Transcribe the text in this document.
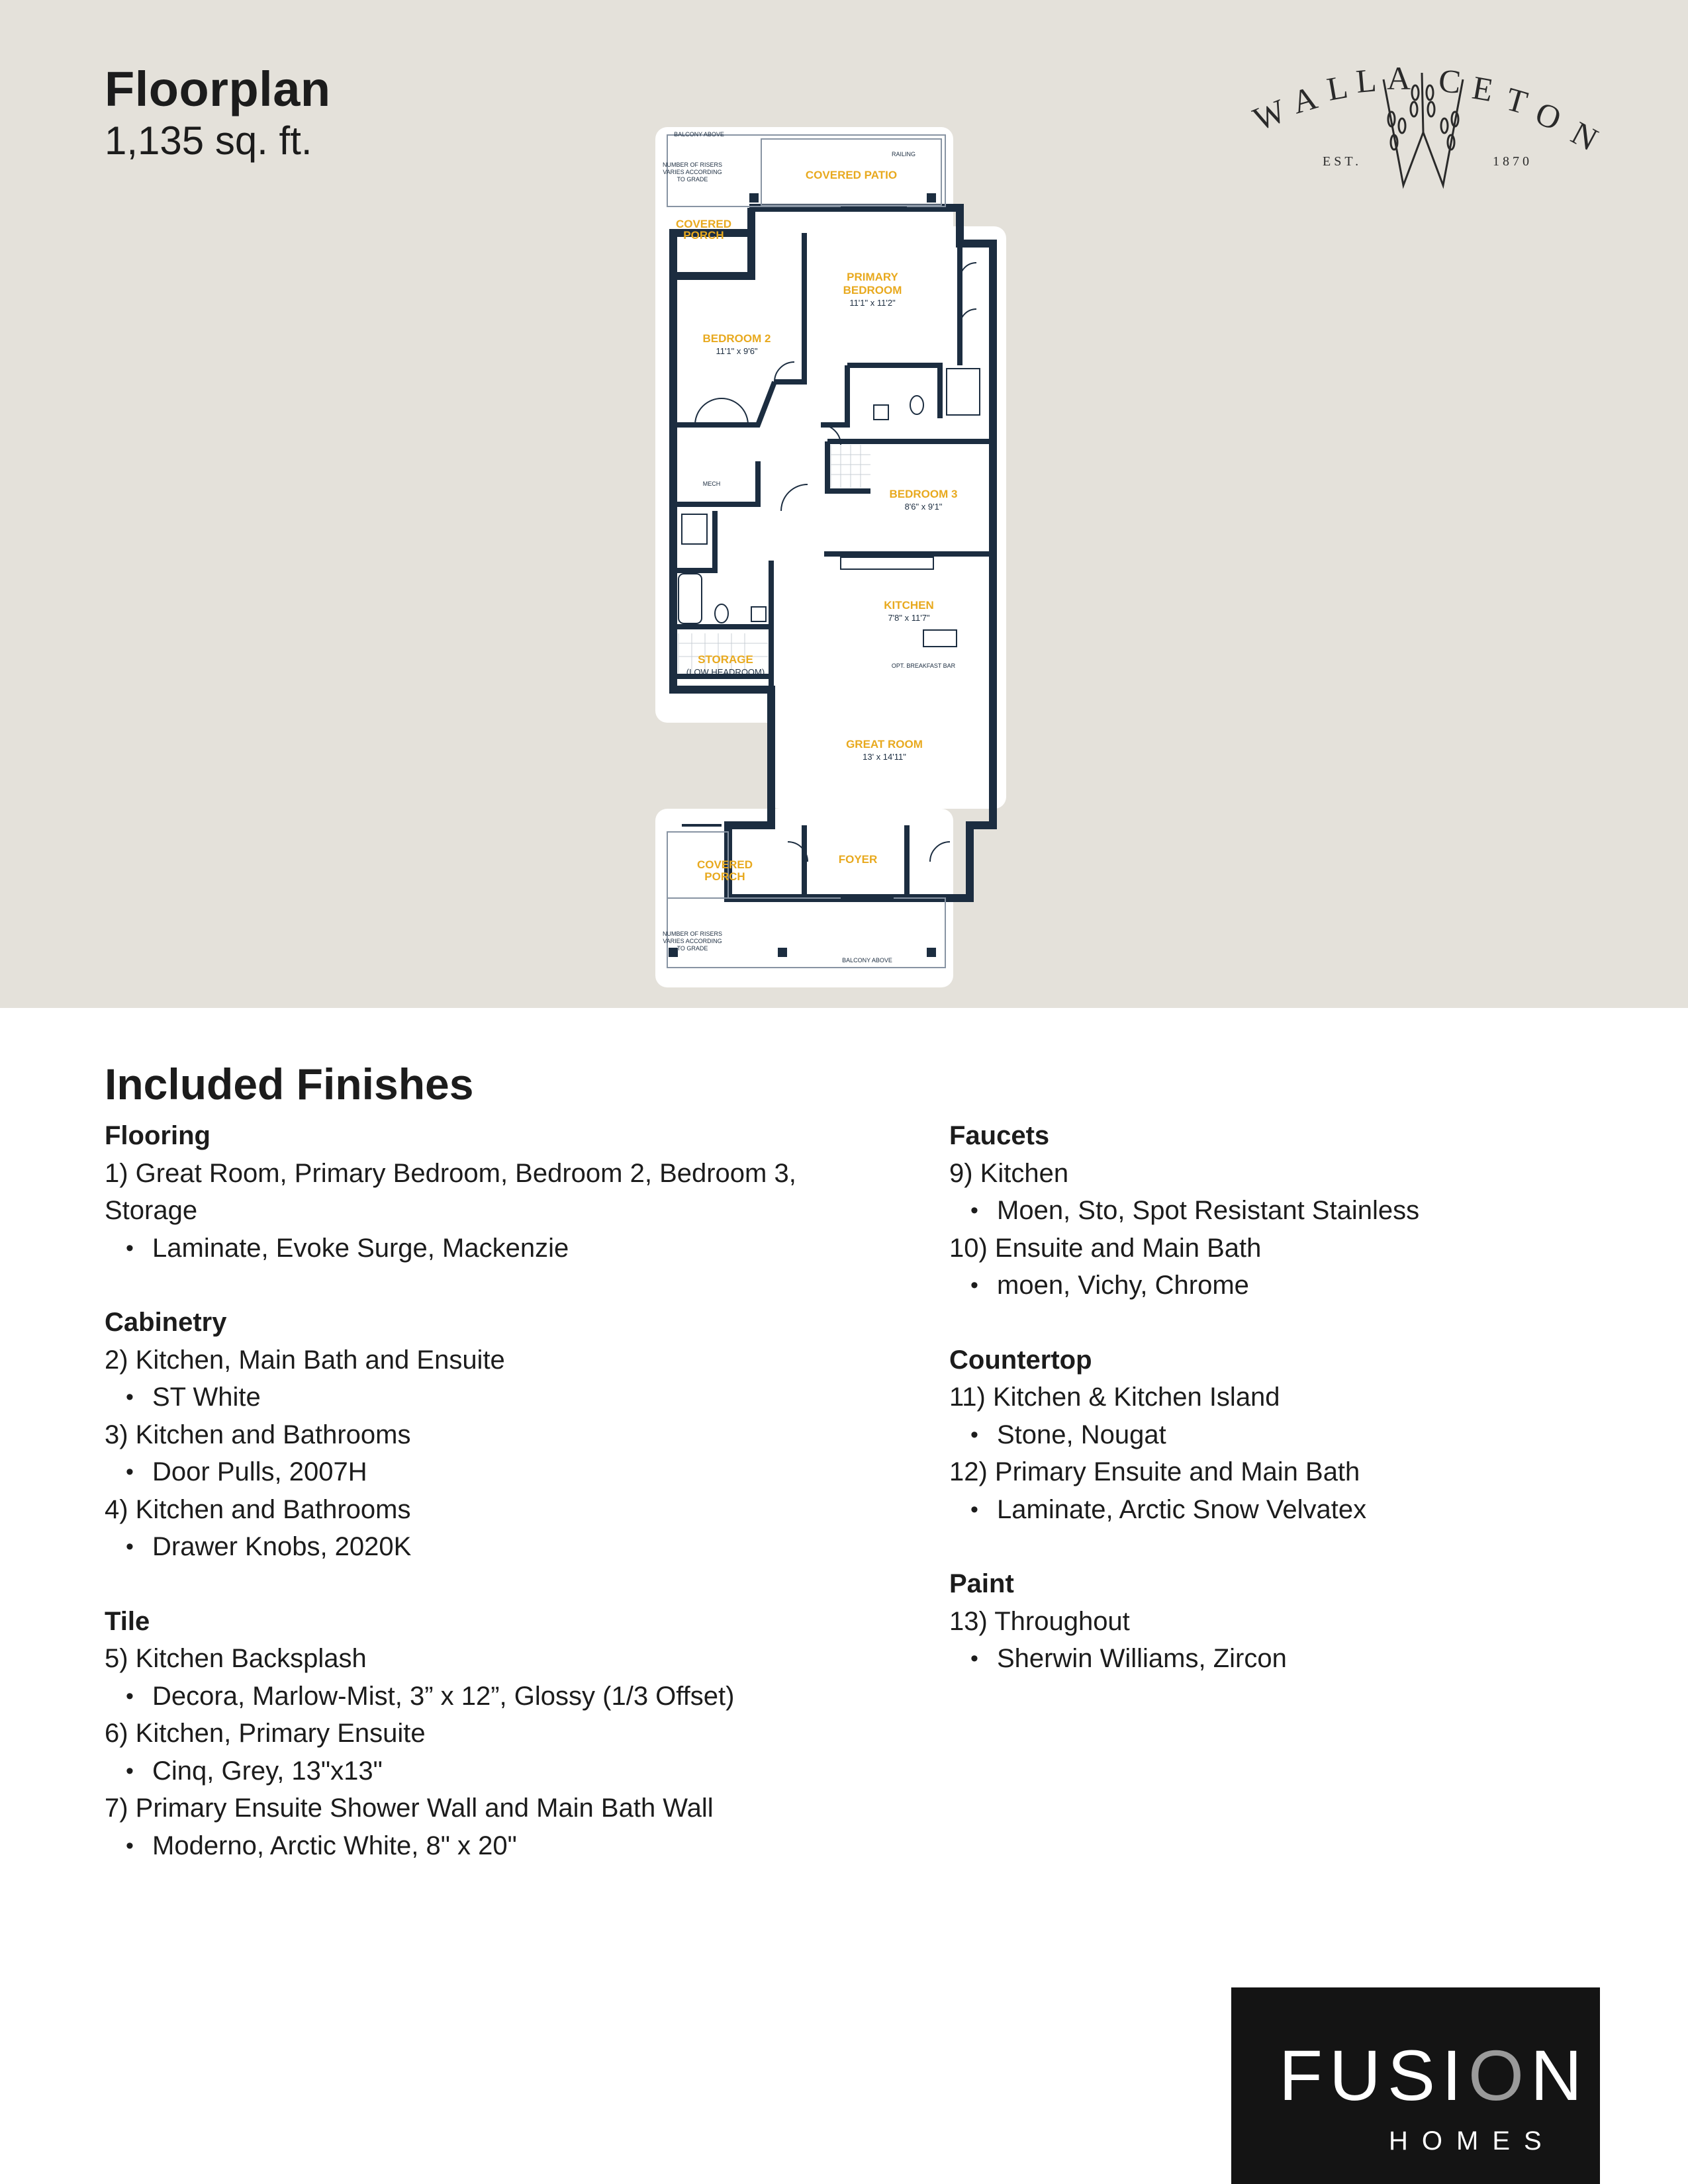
Floorplan
1,135 sq. ft.
W
A L L A C E T
O
N
EST.	1870
COVERED PATIO
COVERED
PORCH
PRIMARY
BEDROOM
11'1" x 11'2"
BEDROOM 2
11'1" x 9'6"
BEDROOM 3
8'6" x 9'1"
KITCHEN
7'8" x 11'7"
STORAGE
(LOW HEADROOM)
GREAT ROOM
13' x 14'11"
FOYER
COVERED
PORCH
BALCONY ABOVE
RAILING
NUMBER OF RISERS
VARIES ACCORDING
TO GRADE
MECH
OPT. BREAKFAST BAR
NUMBER OF RISERS
VARIES ACCORDING
TO GRADE
BALCONY ABOVE
Included Finishes
Flooring
1) Great Room, Primary Bedroom, Bedroom 2, Bedroom 3, Storage
• Laminate, Evoke Surge, Mackenzie
Cabinetry
2) Kitchen, Main Bath and Ensuite
• ST White
3) Kitchen and Bathrooms
• Door Pulls, 2007H
4) Kitchen and Bathrooms
• Drawer Knobs, 2020K
Tile
5) Kitchen Backsplash
• Decora, Marlow-Mist, 3” x 12”, Glossy (1/3 Offset)
6) Kitchen, Primary Ensuite
• Cinq, Grey, 13"x13"
7) Primary Ensuite Shower Wall and Main Bath Wall
• Moderno, Arctic White, 8" x 20"
Faucets
9) Kitchen
• Moen, Sto, Spot Resistant Stainless
10) Ensuite and Main Bath
• moen, Vichy, Chrome
Countertop
11) Kitchen & Kitchen Island
• Stone, Nougat
12) Primary Ensuite and Main Bath
• Laminate, Arctic Snow Velvatex
Paint
13) Throughout
• Sherwin Williams, Zircon
FUSION
HOMES
